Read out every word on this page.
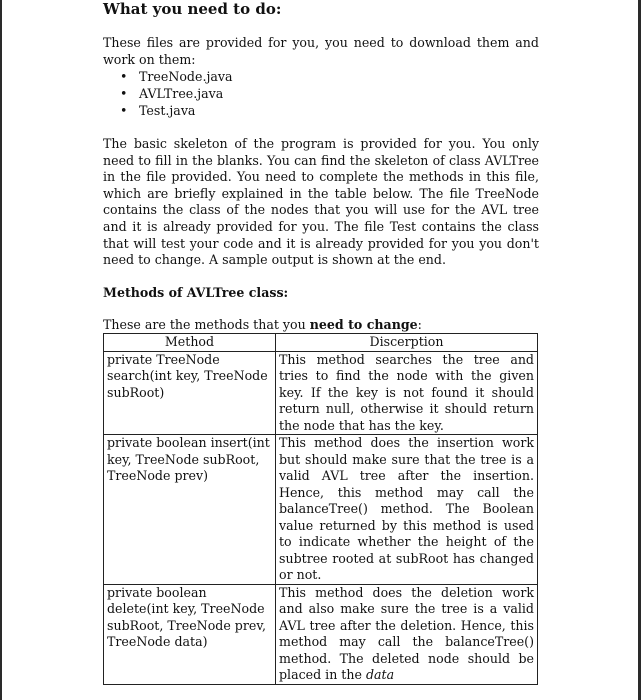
What you need to do:
These files are provided for you, you need to download them and work on them:
• TreeNode.java
• AVLTree.java
• Test.java
The basic skeleton of the program is provided for you. You only need to fill in the blanks. You can find the skeleton of class AVLTree in the file provided. You need to complete the methods in this file, which are briefly explained in the table below. The file TreeNode contains the class of the nodes that you will use for the AVL tree and it is already provided for you. The file Test contains the class that will test your code and it is already provided for you you don't need to change. A sample output is shown at the end.
Methods of AVLTree class:
These are the methods that you need to change:
Method	Discerption
private TreeNode search(int key, TreeNode subRoot)	This method searches the tree and tries to find the node with the given key. If the key is not found it should return null, otherwise it should return the node that has the key.
private boolean insert(int key, TreeNode subRoot, TreeNode prev)	This method does the insertion work but should make sure that the tree is a valid AVL tree after the insertion. Hence, this method may call the balanceTree() method. The Boolean value returned by this method is used to indicate whether the height of the subtree rooted at subRoot has changed or not.
private boolean delete(int key, TreeNode subRoot, TreeNode prev, TreeNode data)	This method does the deletion work and also make sure the tree is a valid AVL tree after the deletion. Hence, this method may call the balanceTree() method. The deleted node should be placed in the data
